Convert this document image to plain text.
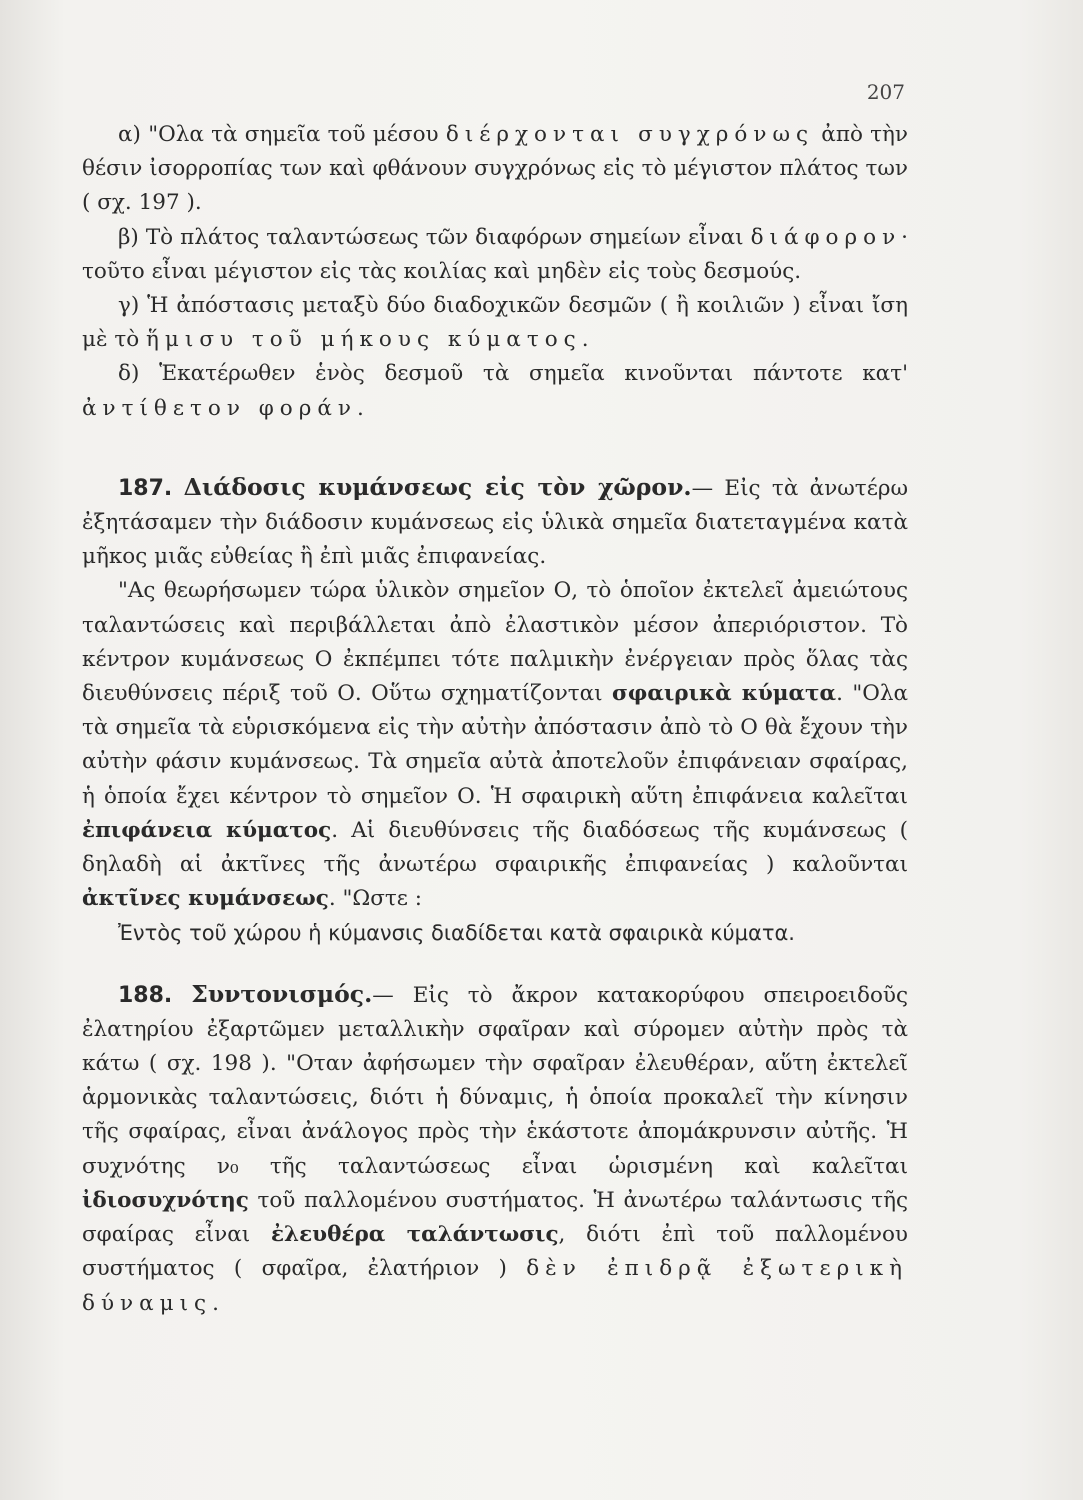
207

α) "Ολα τὰ σημεῖα τοῦ μέσου διέρχονται συγχρόνως ἀπὸ τὴν θέσιν ἰσορροπίας των καὶ φθάνουν συγχρόνως εἰς τὸ μέγιστον πλάτος των ( σχ. 197 ).

β) Τὸ πλάτος ταλαντώσεως τῶν διαφόρων σημείων εἶναι διάφορον· τοῦτο εἶναι μέγιστον εἰς τὰς κοιλίας καὶ μηδὲν εἰς τοὺς δεσμούς.

γ) Ἡ ἀπόστασις μεταξὺ δύο διαδοχικῶν δεσμῶν ( ἢ κοιλιῶν ) εἶναι ἴση μὲ τὸ ἥμισυ τοῦ μήκους κύματος.

δ) Ἑκατέρωθεν ἑνὸς δεσμοῦ τὰ σημεῖα κινοῦνται πάντοτε κατ' ἀντίθετον φοράν.

187. Διάδοσις κυμάνσεως εἰς τὸν χῶρον.— Εἰς τὰ ἀνωτέρω ἐξητάσαμεν τὴν διάδοσιν κυμάνσεως εἰς ὑλικὰ σημεῖα διατεταγμένα κατὰ μῆκος μιᾶς εὐθείας ἢ ἐπὶ μιᾶς ἐπιφανείας.

"Ας θεωρήσωμεν τώρα ὑλικὸν σημεῖον Ο, τὸ ὁποῖον ἐκτελεῖ ἀμειώτους ταλαντώσεις καὶ περιβάλλεται ἀπὸ ἐλαστικὸν μέσον ἀπεριόριστον. Τὸ κέντρον κυμάνσεως Ο ἐκπέμπει τότε παλμικὴν ἐνέργειαν πρὸς ὅλας τὰς διευθύνσεις πέριξ τοῦ Ο. Οὕτω σχηματίζονται σφαιρικὰ κύματα. "Ολα τὰ σημεῖα τὰ εὑρισκόμενα εἰς τὴν αὐτὴν ἀπόστασιν ἀπὸ τὸ Ο θὰ ἔχουν τὴν αὐτὴν φάσιν κυμάνσεως. Τὰ σημεῖα αὐτὰ ἀποτελοῦν ἐπιφάνειαν σφαίρας, ἡ ὁποία ἔχει κέντρον τὸ σημεῖον Ο. Ἡ σφαιρικὴ αὕτη ἐπιφάνεια καλεῖται ἐπιφάνεια κύματος. Αἱ διευθύνσεις τῆς διαδόσεως τῆς κυμάνσεως ( δηλαδὴ αἱ ἀκτῖνες τῆς ἀνωτέρω σφαιρικῆς ἐπιφανείας ) καλοῦνται ἀκτῖνες κυμάνσεως. "Ωστε :

Ἐντὸς τοῦ χώρου ἡ κύμανσις διαδίδεται κατὰ σφαιρικὰ κύματα.

188. Συντονισμός.— Εἰς τὸ ἄκρον κατακορύφου σπειροειδοῦς ἐλατηρίου ἐξαρτῶμεν μεταλλικὴν σφαῖραν καὶ σύρομεν αὐτὴν πρὸς τὰ κάτω ( σχ. 198 ). "Οταν ἀφήσωμεν τὴν σφαῖραν ἐλευθέραν, αὕτη ἐκτελεῖ ἁρμονικὰς ταλαντώσεις, διότι ἡ δύναμις, ἡ ὁποία προκαλεῖ τὴν κίνησιν τῆς σφαίρας, εἶναι ἀνάλογος πρὸς τὴν ἑκάστοτε ἀπομάκρυνσιν αὐτῆς. Ἡ συχνότης ν₀ τῆς ταλαντώσεως εἶναι ὡρισμένη καὶ καλεῖται ἰδιοσυχνότης τοῦ παλλομένου συστήματος. Ἡ ἀνωτέρω ταλάντωσις τῆς σφαίρας εἶναι ἐλευθέρα ταλάντωσις, διότι ἐπὶ τοῦ παλλομένου συστήματος ( σφαῖρα, ἐλατήριον ) δὲν ἐπιδρᾷ ἐξωτερικὴ δύναμις.
